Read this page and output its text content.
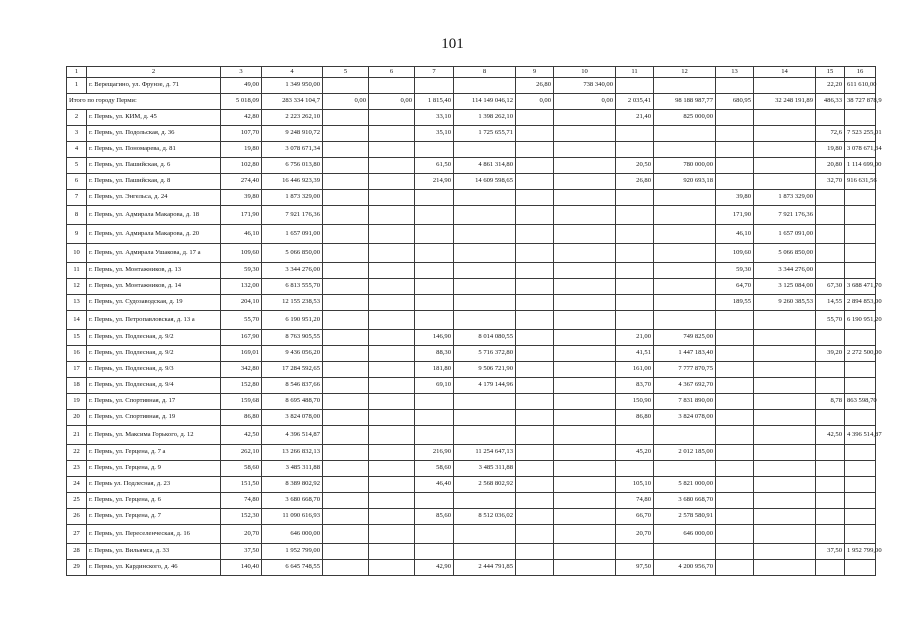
101
1	2	3	4	5	6	7	8	9	10	11	12	13	14	15	16
1	г. Верещагино, ул. Фрунзе, д. 71	49,00	1 349 950,00					26,80	738 340,00					22,20	611 610,00
Итого по городу Перми:		5 018,09	283 334 104,7	0,00	0,00	1 815,40	114 149 046,12	0,00	0,00	2 035,41	98 188 987,77	680,95	32 248 191,89	486,33	38 727 878,9
2	г. Пермь, ул. КИМ, д. 45	42,80	2 223 262,10			33,10	1 398 262,10			21,40	825 000,00				
3	г. Пермь, ул. Подольская, д. 36	107,70	9 248 910,72			35,10	1 725 655,71							72,6	7 523 255,01
4	г. Пермь, ул. Пономарева, д. 81	19,80	3 078 671,34											19,80	3 078 671,34
5	г. Пермь, ул. Пашийская, д. 6	102,80	6 756 013,80			61,50	4 861 314,80			20,50	780 000,00			20,80	1 114 699,00
6	г. Пермь, ул. Пашийская, д. 8	274,40	16 446 923,39			214,90	14 609 598,65			26,80	920 693,18			32,70	916 631,56
7	г. Пермь, ул. Энгельса, д. 24	39,80	1 873 329,00									39,80	1 873 329,00		
8	г. Пермь, ул. Адмирала Макарова, д. 18	171,90	7 921 176,36									171,90	7 921 176,36		
9	г. Пермь, ул. Адмирала Макарова, д. 20	46,10	1 657 091,00									46,10	1 657 091,00		
10	г. Пермь, ул. Адмирала Ушакова, д. 17 а	109,60	5 066 850,00									109,60	5 066 850,00		
11	г. Пермь, ул. Монтажников, д. 13	59,30	3 344 276,00									59,30	3 344 276,00		
12	г. Пермь, ул. Монтажников, д. 14	132,00	6 813 555,70									64,70	3 125 084,00	67,30	3 688 471,70
13	г. Пермь, ул. Судозаводская, д. 19	204,10	12 155 238,53									189,55	9 260 385,53	14,55	2 894 853,00
14	г. Пермь, ул. Петропавловская, д. 13 а	55,70	6 190 951,20											55,70	6 190 951,20
15	г. Пермь, ул. Подлесная, д. 9/2	167,90	8 763 905,55			146,90	8 014 080,55			21,00	749 825,00				
16	г. Пермь, ул. Подлесная, д. 9/2	169,01	9 436 056,20			88,30	5 716 372,80			41,51	1 447 183,40			39,20	2 272 500,00
17	г. Пермь, ул. Подлесная, д. 9/3	342,80	17 284 592,65			181,80	9 506 721,90			161,00	7 777 870,75				
18	г. Пермь, ул. Подлесная, д. 9/4	152,80	8 546 837,66			69,10	4 179 144,96			83,70	4 367 692,70				
19	г. Пермь, ул. Спортивная, д. 17	159,68	8 695 488,70							150,90	7 831 890,00			8,78	863 598,70
20	г. Пермь, ул. Спортивная, д. 19	86,80	3 824 078,00							86,80	3 824 078,00				
21	г. Пермь, ул. Максима Горького, д. 12	42,50	4 396 514,87											42,50	4 396 514,87
22	г. Пермь, ул. Герцена, д. 7 а	262,10	13 266 832,13			216,90	11 254 647,13			45,20	2 012 185,00				
23	г. Пермь, ул. Герцена, д. 9	58,60	3 485 311,88			58,60	3 485 311,88								
24	г. Пермь ул. Подлесная, д. 23	151,50	8 389 802,92			46,40	2 568 802,92			105,10	5 821 000,00				
25	г. Пермь, ул. Герцена, д. 6	74,80	3 680 668,70							74,80	3 680 668,70				
26	г. Пермь, ул. Герцена, д. 7	152,30	11 090 616,93			85,60	8 512 036,02			66,70	2 578 580,91				
27	г. Пермь, ул. Переселенческая, д. 16	20,70	646 000,00							20,70	646 000,00				
28	г. Пермь, ул. Вильямса, д. 33	37,50	1 952 799,00											37,50	1 952 799,00
29	г. Пермь, ул. Кардинского, д. 46	140,40	6 645 748,55			42,90	2 444 791,85			97,50	4 200 956,70				
